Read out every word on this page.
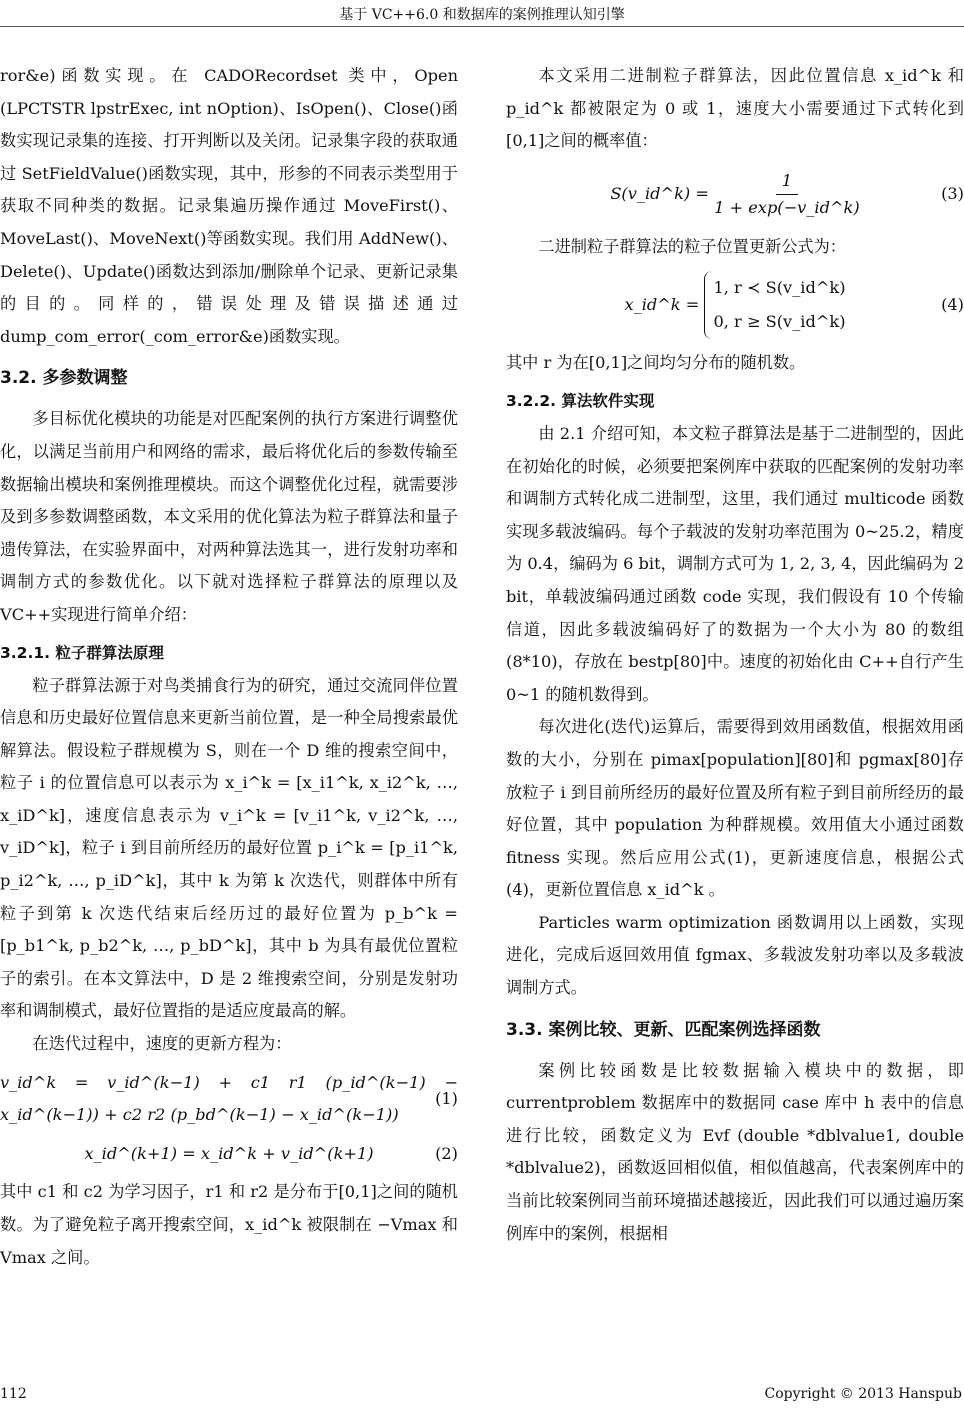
基于 VC++6.0 和数据库的案例推理认知引擎

ror&e)函数实现。在 CADORecordset 类中，Open (LPCTSTR lpstrExec, int nOption)、IsOpen()、Close()函数实现记录集的连接、打开判断以及关闭。记录集字段的获取通过 SetFieldValue()函数实现，其中，形参的不同表示类型用于获取不同种类的数据。记录集遍历操作通过 MoveFirst()、MoveLast()、MoveNext()等函数实现。我们用 AddNew()、Delete()、Update()函数达到添加/删除单个记录、更新记录集的目的。同样的，错误处理及错误描述通过 dump_com_error(_com_error&e)函数实现。

3.2. 多参数调整

多目标优化模块的功能是对匹配案例的执行方案进行调整优化，以满足当前用户和网络的需求，最后将优化后的参数传输至数据输出模块和案例推理模块。而这个调整优化过程，就需要涉及到多参数调整函数，本文采用的优化算法为粒子群算法和量子遗传算法，在实验界面中，对两种算法选其一，进行发射功率和调制方式的参数优化。以下就对选择粒子群算法的原理以及 VC++实现进行简单介绍：

3.2.1. 粒子群算法原理

粒子群算法源于对鸟类捕食行为的研究，通过交流同伴位置信息和历史最好位置信息来更新当前位置，是一种全局搜索最优解算法。假设粒子群规模为 S，则在一个 D 维的搜索空间中，粒子 i 的位置信息可以表示为 x_i^k = [x_i1^k, x_i2^k, …, x_iD^k]，速度信息表示为 v_i^k = [v_i1^k, v_i2^k, …, v_iD^k]，粒子 i 到目前所经历的最好位置 p_i^k = [p_i1^k, p_i2^k, …, p_iD^k]，其中 k 为第 k 次迭代，则群体中所有粒子到第 k 次迭代结束后经历过的最好位置为 p_b^k = [p_b1^k, p_b2^k, …, p_bD^k]，其中 b 为具有最优位置粒子的索引。在本文算法中，D 是 2 维搜索空间，分别是发射功率和调制模式，最好位置指的是适应度最高的解。

在迭代过程中，速度的更新方程为：

v_id^k = v_id^(k−1) + c1 r1 (p_id^(k−1) − x_id^(k−1)) + c2 r2 (p_bd^(k−1) − x_id^(k−1))
(1)
x_id^(k+1) = x_id^k + v_id^(k+1)	(2)

其中 c1 和 c2 为学习因子，r1 和 r2 是分布于[0,1]之间的随机数。为了避免粒子离开搜索空间，x_id^k 被限制在 −Vmax 和 Vmax 之间。

本文采用二进制粒子群算法，因此位置信息 x_id^k 和 p_id^k 都被限定为 0 或 1，速度大小需要通过下式转化到[0,1]之间的概率值：

S(v_id^k) =
$\frac{1}{1 + \exp(-v\_id\^{}k)}$	(3)

二进制粒子群算法的粒子位置更新公式为：

x_id^k =

1, r ≺ S(v_id^k)
0, r ≥ S(v_id^k)
(4)

其中 r 为在[0,1]之间均匀分布的随机数。

3.2.2. 算法软件实现

由 2.1 介绍可知，本文粒子群算法是基于二进制型的，因此在初始化的时候，必须要把案例库中获取的匹配案例的发射功率和调制方式转化成二进制型，这里，我们通过 multicode 函数实现多载波编码。每个子载波的发射功率范围为 0~25.2，精度为 0.4，编码为 6 bit，调制方式可为 1, 2, 3, 4，因此编码为 2 bit，单载波编码通过函数 code 实现，我们假设有 10 个传输信道，因此多载波编码好了的数据为一个大小为 80 的数组(8*10)，存放在 bestp[80]中。速度的初始化由 C++自行产生 0~1 的随机数得到。

每次进化(迭代)运算后，需要得到效用函数值，根据效用函数的大小，分别在 pimax[population][80]和 pgmax[80]存放粒子 i 到目前所经历的最好位置及所有粒子到目前所经历的最好位置，其中 population 为种群规模。效用值大小通过函数 fitness 实现。然后应用公式(1)，更新速度信息，根据公式(4)，更新位置信息 x_id^k 。

Particles warm optimization 函数调用以上函数，实现进化，完成后返回效用值 fgmax、多载波发射功率以及多载波调制方式。

3.3. 案例比较、更新、匹配案例选择函数

案例比较函数是比较数据输入模块中的数据，即 currentproblem 数据库中的数据同 case 库中 h 表中的信息进行比较，函数定义为 Evf (double *dblvalue1, double *dblvalue2)，函数返回相似值，相似值越高，代表案例库中的当前比较案例同当前环境描述越接近，因此我们可以通过遍历案例库中的案例，根据相

112	Copyright © 2013 Hanspub
